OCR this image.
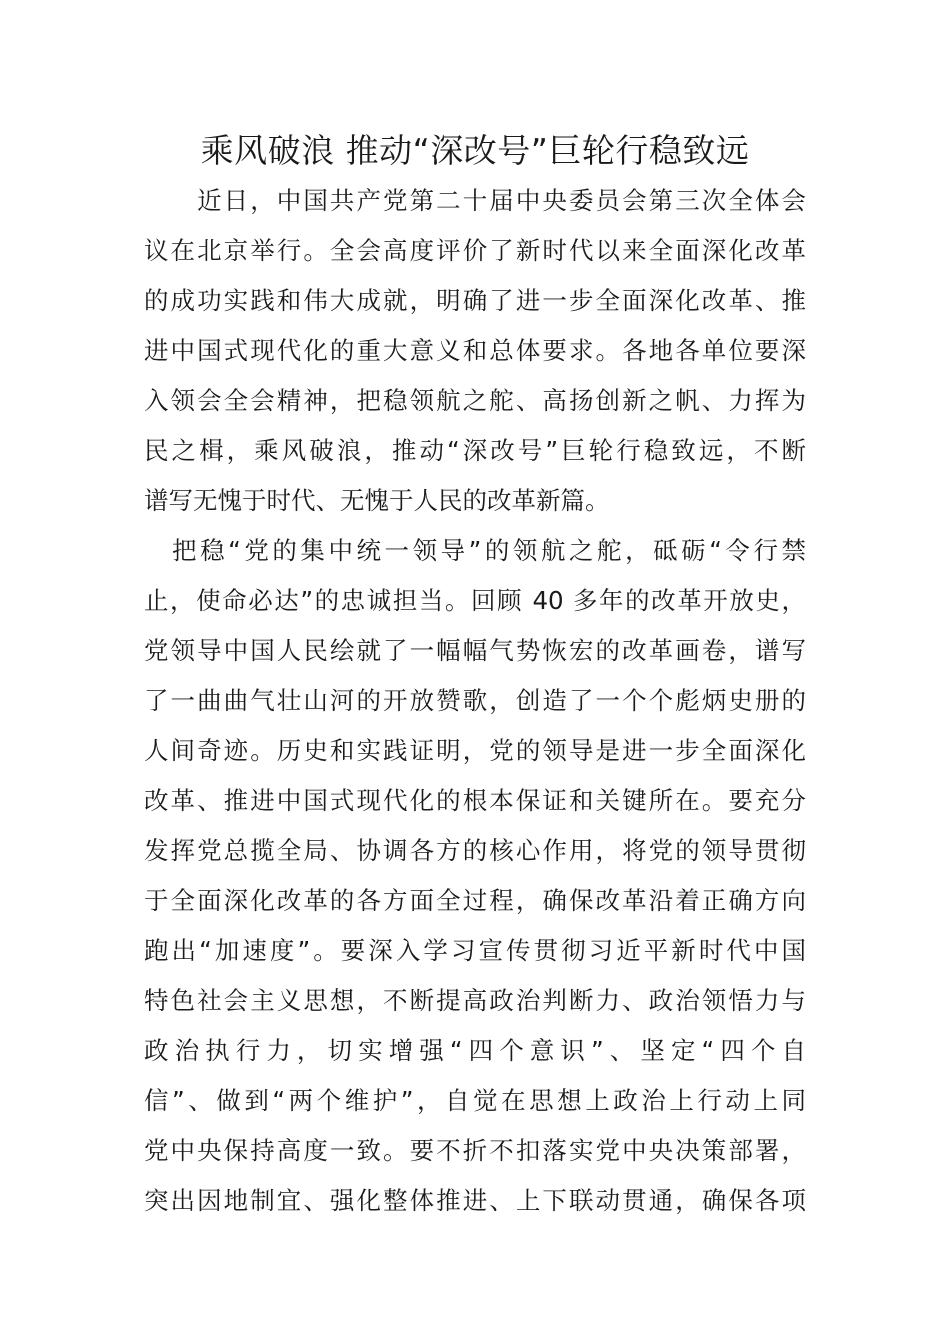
乘风破浪 推动“深改号”巨轮行稳致远
　　近日，中国共产党第二十届中央委员会第三次全体会
议在北京举行。全会高度评价了新时代以来全面深化改革
的成功实践和伟大成就，明确了进一步全面深化改革、推
进中国式现代化的重大意义和总体要求。各地各单位要深
入领会全会精神，把稳领航之舵、高扬创新之帆、力挥为
民之楫，乘风破浪，推动“深改号”巨轮行稳致远，不断
谱写无愧于时代、无愧于人民的改革新篇。
　把稳“党的集中统一领导”的领航之舵，砥砺“令行禁
止，使命必达”的忠诚担当。回顾 40 多年的改革开放史，
党领导中国人民绘就了一幅幅气势恢宏的改革画卷，谱写
了一曲曲气壮山河的开放赞歌，创造了一个个彪炳史册的
人间奇迹。历史和实践证明，党的领导是进一步全面深化
改革、推进中国式现代化的根本保证和关键所在。要充分
发挥党总揽全局、协调各方的核心作用，将党的领导贯彻
于全面深化改革的各方面全过程，确保改革沿着正确方向
跑出“加速度”。要深入学习宣传贯彻习近平新时代中国
特色社会主义思想，不断提高政治判断力、政治领悟力与
政治执行力，切实增强“四个意识”、坚定“四个自
信”、做到“两个维护”，自觉在思想上政治上行动上同
党中央保持高度一致。要不折不扣落实党中央决策部署，
突出因地制宜、强化整体推进、上下联动贯通，确保各项
